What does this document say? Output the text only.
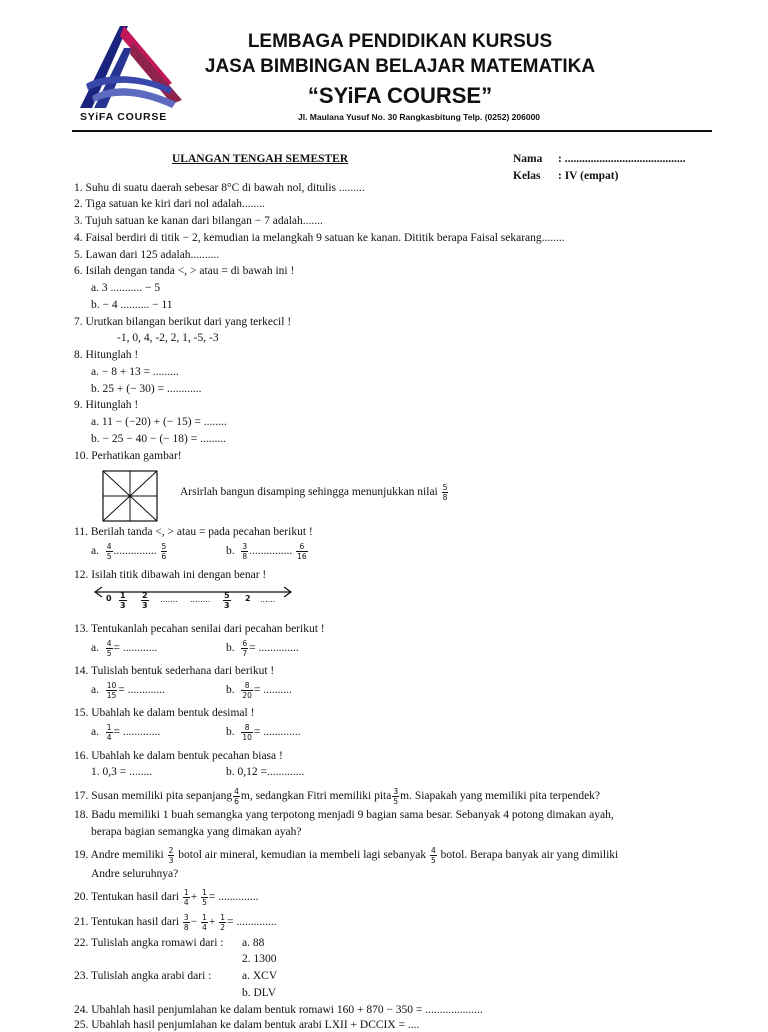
SYiFA COURSE
LEMBAGA PENDIDIKAN KURSUS
JASA BIMBINGAN BELAJAR MATEMATIKA
“SYiFA COURSE”
Jl. Maulana Yusuf No. 30 Rangkasbitung Telp. (0252) 206000
ULANGAN TENGAH SEMESTER	Nama : ..........................................
Kelas : IV (empat)
1. Suhu di suatu daerah sebesar 8°C di bawah nol, ditulis .........
2. Tiga satuan ke kiri dari nol adalah........
3. Tujuh satuan ke kanan dari bilangan − 7 adalah.......
4. Faisal berdiri di titik − 2, kemudian ia melangkah 9 satuan ke kanan. Dititik berapa Faisal sekarang........
5. Lawan dari 125 adalah..........
6. Isilah dengan tanda <, > atau = di bawah ini !
a. 3 ........... − 5
b. − 4 .......... − 11
7. Urutkan bilangan berikut dari yang terkecil !
-1, 0, 4, -2, 2, 1, -5, -3
8. Hitunglah !
a. − 8 + 13 = .........
b. 25 + (− 30) = ............
9. Hitunglah !
a. 11 − (−20) + (− 15) = ........
b. − 25 − 40 − (− 18) = .........
10. Perhatikan gambar!
Arsirlah bangun disamping sehingga menunjukkan nilai $\frac{5}{8}$
11. Berilah tanda <, > atau = pada pecahan berikut !
a. $\frac{4}{5}$ ............... $\frac{5}{6}$	b. $\frac{3}{8}$ ............... $\frac{6}{16}$
12. Isilah titik dibawah ini dengan benar !
$0 \frac{1}{3} \frac{2}{3}$ ....... ........ $\frac{5}{3} 2$ ......
13. Tentukanlah pecahan senilai dari pecahan berikut !
a. $\frac{4}{5}$ = ............	b. $\frac{6}{7}$ = ..............
14. Tulislah bentuk sederhana dari berikut !
a. $\frac{10}{15}$ = .............	b. $\frac{8}{20}$ = ..........
15. Ubahlah ke dalam bentuk desimal !
a. $\frac{1}{4}$ = .............	b. $\frac{8}{10}$ = .............
16. Ubahlah ke dalam bentuk pecahan biasa !
1. 0,3 = ........	b. 0,12 =.............
17. Susan memiliki pita sepanjang $\frac{4}{6} m$, sedangkan Fitri memiliki pita $\frac{3}{5} m$. Siapakah yang memiliki pita terpendek?
18. Badu memiliki 1 buah semangka yang terpotong menjadi 9 bagian sama besar. Sebanyak 4 potong dimakan ayah,
berapa bagian semangka yang dimakan ayah?
19. Andre memiliki $\frac{2}{3}$ botol air mineral, kemudian ia membeli lagi sebanyak $\frac{4}{5}$ botol. Berapa banyak air yang dimiliki
Andre seluruhnya?
20. Tentukan hasil dari $\frac{1}{4} + \frac{1}{5}$ = ..............
21. Tentukan hasil dari $\frac{3}{8} - \frac{1}{4} + \frac{1}{2}$ = ..............
22. Tulislah angka romawi dari : a. 88
2. 1300
23. Tulislah angka arabi dari :	a. XCV
b. DLV
24. Ubahlah hasil penjumlahan ke dalam bentuk romawi 160 + 870 − 350 = ....................
25. Ubahlah hasil penjumlahan ke dalam bentuk arabi LXII + DCCIX = ....
